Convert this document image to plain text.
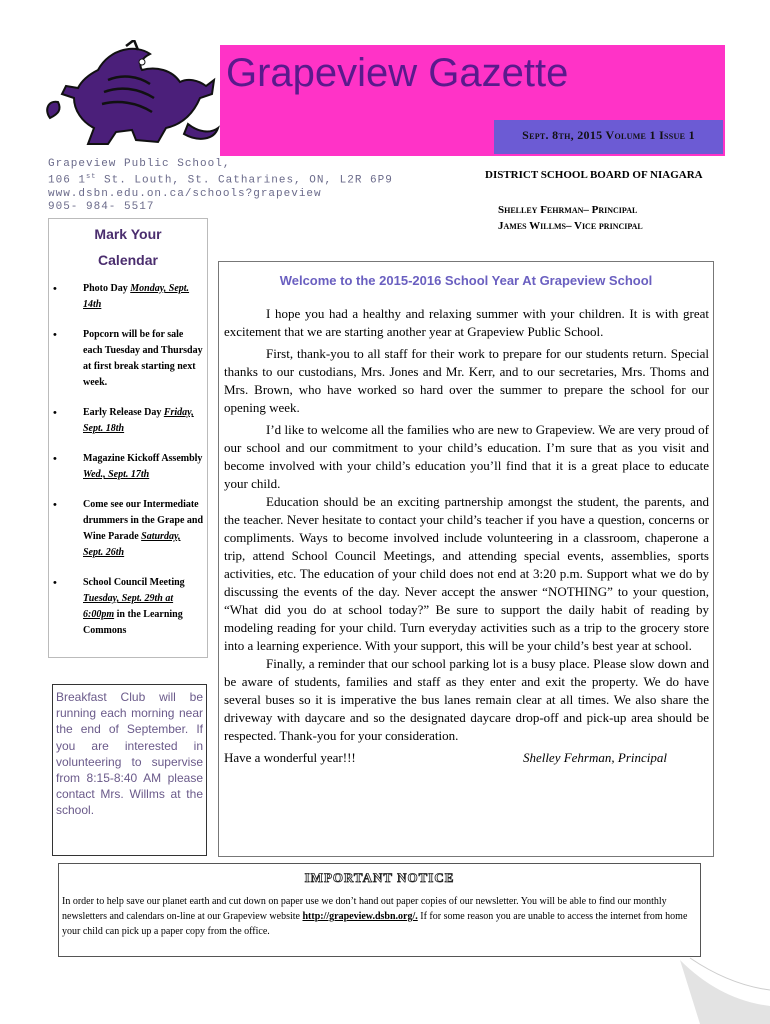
Grapeview Gazette
Sept. 8th, 2015 Volume 1 Issue 1
Grapeview Public School,
106 1st St. Louth, St. Catharines, ON, L2R 6P9
www.dsbn.edu.on.ca/schools?grapeview
905- 984- 5517
DISTRICT SCHOOL BOARD OF NIAGARA
Shelley Fehrman– Principal
James Willms– Vice principal
Mark Your
Calendar
•	Photo Day Monday, Sept. 14th
•	Popcorn will be for sale each Tuesday and Thursday at first break starting next week.
•	Early Release Day Friday, Sept. 18th
•	Magazine Kickoff Assembly Wed., Sept. 17th
•	Come see our Intermediate drummers in the Grape and Wine Parade Saturday, Sept. 26th
•	School Council Meeting Tuesday, Sept. 29th at 6:00pm in the Learning Commons
Breakfast Club will be running each morning near the end of September. If you are interested in volunteering to supervise from 8:15-8:40 AM please contact Mrs. Willms at the school.
Welcome to the 2015-2016 School Year At Grapeview School

I hope you had a healthy and relaxing summer with your children. It is with great excitement that we are starting another year at Grapeview Public School.

First, thank-you to all staff for their work to prepare for our students return. Special thanks to our custodians, Mrs. Jones and Mr. Kerr, and to our secretaries, Mrs. Thoms and Mrs. Brown, who have worked so hard over the summer to prepare the school for our opening week.

I’d like to welcome all the families who are new to Grapeview. We are very proud of our school and our commitment to your child’s education. I’m sure that as you visit and become involved with your child’s education you’ll find that it is a great place to educate your child.

Education should be an exciting partnership amongst the student, the parents, and the teacher. Never hesitate to contact your child’s teacher if you have a question, concerns or compliments. Ways to become involved include volunteering in a classroom, chaperone a trip, attend School Council Meetings, and attending special events, assemblies, sports activities, etc. The education of your child does not end at 3:20 p.m. Support what we do by discussing the events of the day. Never accept the answer “NOTHING” to your question, “What did you do at school today?” Be sure to support the daily habit of reading by modeling reading for your child. Turn everyday activities such as a trip to the grocery store into a learning experience. With your support, this will be your child’s best year at school.

Finally, a reminder that our school parking lot is a busy place. Please slow down and be aware of students, families and staff as they enter and exit the property. We do have several buses so it is imperative the bus lanes remain clear at all times. We also share the driveway with daycare and so the designated daycare drop-off and pick-up area should be respected. Thank-you for your consideration.

Have a wonderful year!!!	Shelley Fehrman, Principal
IMPORTANT NOTICE
In order to help save our planet earth and cut down on paper use we don’t hand out paper copies of our newsletter. You will be able to find our monthly newsletters and calendars on-line at our Grapeview website http://grapeview.dsbn.org/. If for some reason you are unable to access the internet from home your child can pick up a paper copy from the office.
